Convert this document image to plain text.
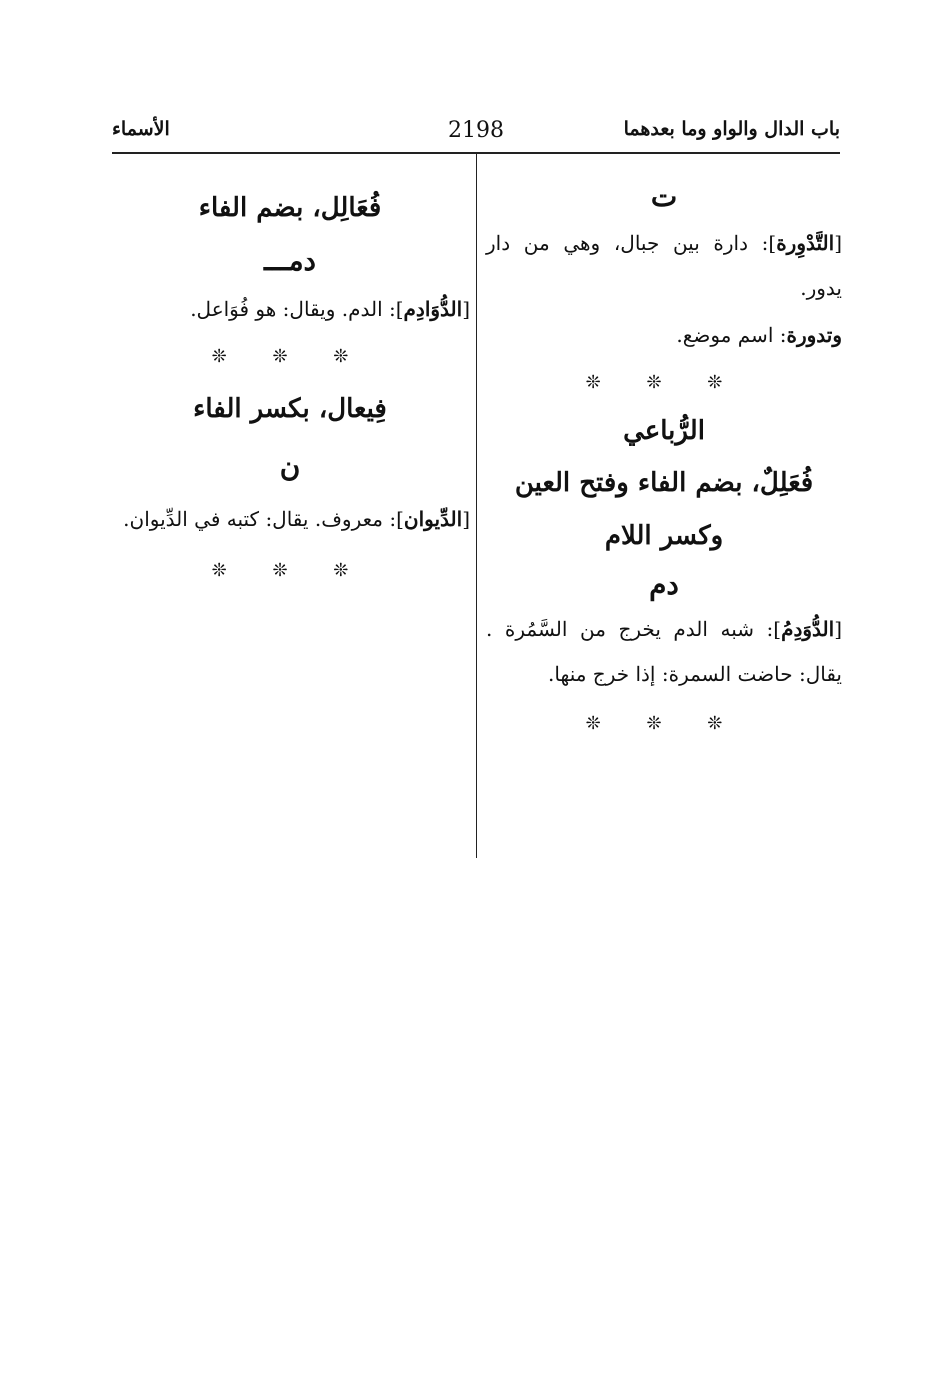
باب الدال والواو وما بعدهما
2198
الأسماء
ت
[التَّدْوِرة]: دارة بين جبال، وهي من دار يدور.
وتدورة: اسم موضع.
❊ ❊ ❊
الرُّباعي
فُعَلِلٌ، بضم الفاء وفتح العين
وكسر اللام
دم
[الدُّوَدِمُ]: شبه الدم يخرج من السَّمُرة . يقال: حاضت السمرة: إذا خرج منها.
❊ ❊ ❊
فُعَالِل، بضم الفاء
دمـــ
[الدُّوَادِم]: الدم. ويقال: هو فُوَاعل.
❊ ❊ ❊
فِيعال، بكسر الفاء
ن
[الدِّيوان]: معروف. يقال: كتبه في الدِّيوان.
❊ ❊ ❊
